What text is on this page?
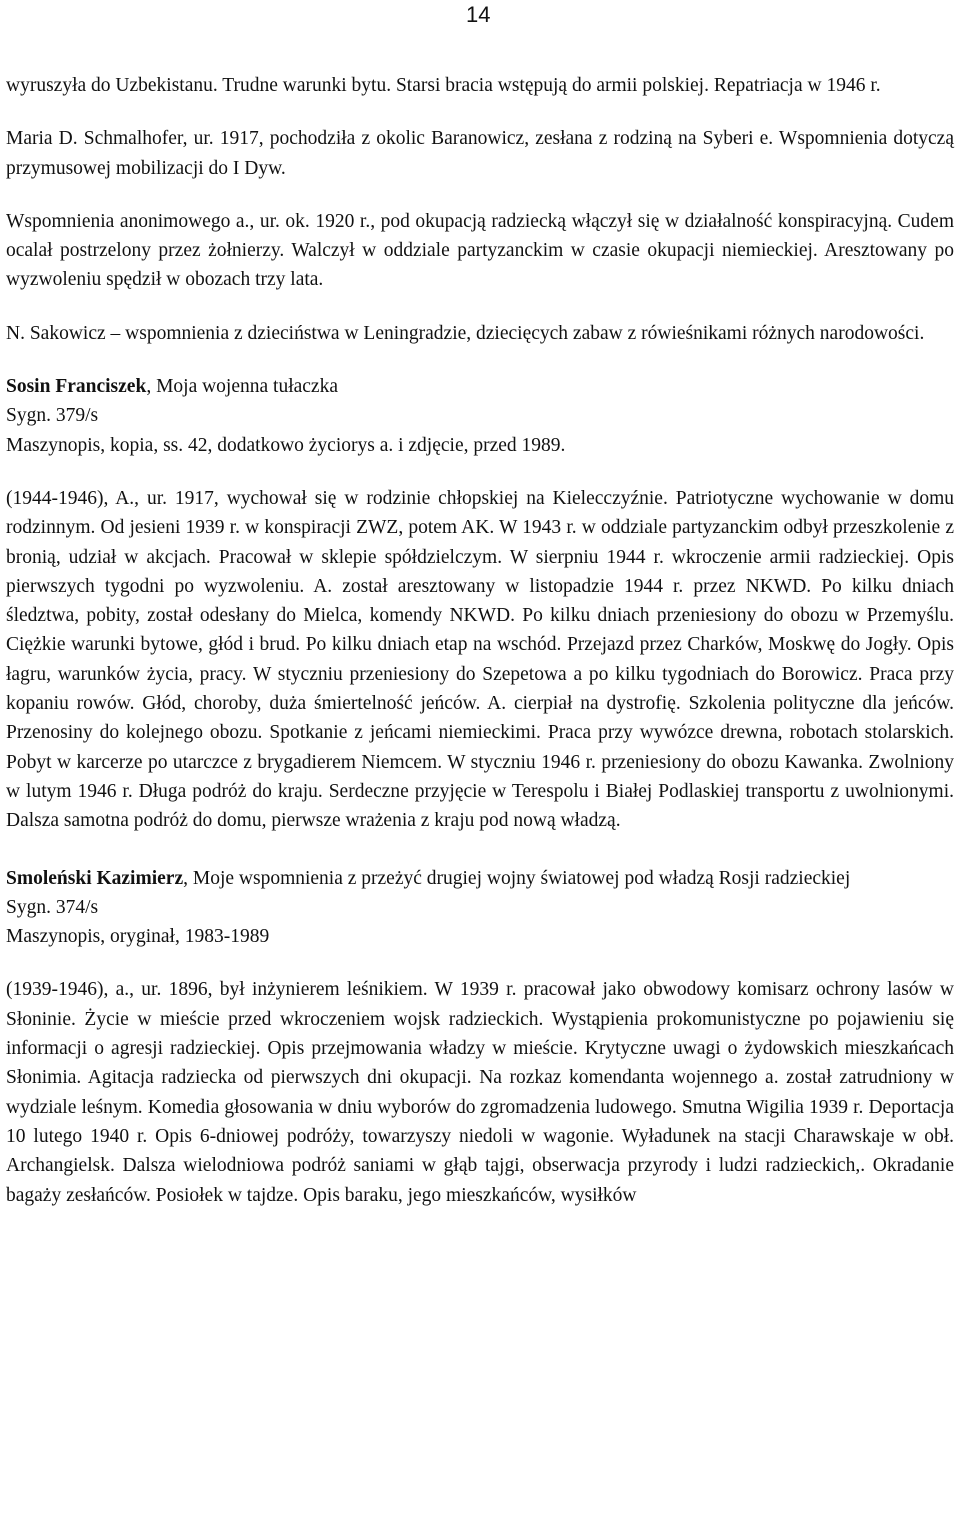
14

wyruszyła do Uzbekistanu. Trudne warunki bytu. Starsi bracia wstępują do armii polskiej. Repatriacja w 1946 r.

Maria D. Schmalhofer, ur. 1917, pochodziła z okolic Baranowicz, zesłana z rodziną na Syberi e. Wspomnienia dotyczą przymusowej mobilizacji do I Dyw.

Wspomnienia anonimowego a., ur. ok. 1920 r., pod okupacją radziecką włączył się w działalność konspiracyjną. Cudem ocalał postrzelony przez żołnierzy. Walczył w oddziale partyzanckim w czasie okupacji niemieckiej. Aresztowany po wyzwoleniu spędził w obozach trzy lata.

N. Sakowicz – wspomnienia z dzieciństwa w Leningradzie, dziecięcych zabaw z rówieśnikami różnych narodowości.

Sosin Franciszek, Moja wojenna tułaczka

Sygn. 379/s

Maszynopis, kopia, ss. 42, dodatkowo życiorys a. i zdjęcie, przed 1989.

(1944-1946), A., ur. 1917, wychował się w rodzinie chłopskiej na Kielecczyźnie. Patriotyczne wychowanie w domu rodzinnym. Od jesieni 1939 r. w konspiracji ZWZ, potem AK. W 1943 r. w oddziale partyzanckim odbył przeszkolenie z bronią, udział w akcjach. Pracował w sklepie spółdzielczym. W sierpniu 1944 r. wkroczenie armii radzieckiej. Opis pierwszych tygodni po wyzwoleniu. A. został aresztowany w listopadzie 1944 r. przez NKWD. Po kilku dniach śledztwa, pobity, został odesłany do Mielca, komendy NKWD. Po kilku dniach przeniesiony do obozu w Przemyślu. Ciężkie warunki bytowe, głód i brud. Po kilku dniach etap na wschód. Przejazd przez Charków, Moskwę do Jogły. Opis łagru, warunków życia, pracy. W styczniu przeniesiony do Szepetowa a po kilku tygodniach do Borowicz. Praca przy kopaniu rowów. Głód, choroby, duża śmiertelność jeńców. A. cierpiał na dystrofię. Szkolenia polityczne dla jeńców. Przenosiny do kolejnego obozu. Spotkanie z jeńcami niemieckimi. Praca przy wywózce drewna, robotach stolarskich. Pobyt w karcerze po utarczce z brygadierem Niemcem. W styczniu 1946 r. przeniesiony do obozu Kawanka. Zwolniony w lutym 1946 r. Długa podróż do kraju. Serdeczne przyjęcie w Terespolu i Białej Podlaskiej transportu z uwolnionymi. Dalsza samotna podróż do domu, pierwsze wrażenia z kraju pod nową władzą.

Smoleński Kazimierz, Moje wspomnienia z przeżyć drugiej wojny światowej pod władzą Rosji radzieckiej

Sygn. 374/s

Maszynopis, oryginał, 1983-1989

(1939-1946), a., ur. 1896, był inżynierem leśnikiem. W 1939 r. pracował jako obwodowy komisarz ochrony lasów w Słoninie. Życie w mieście przed wkroczeniem wojsk radzieckich. Wystąpienia prokomunistyczne po pojawieniu się informacji o agresji radzieckiej. Opis przejmowania władzy w mieście. Krytyczne uwagi o żydowskich mieszkańcach Słonimia. Agitacja radziecka od pierwszych dni okupacji. Na rozkaz komendanta wojennego a. został zatrudniony w wydziale leśnym. Komedia głosowania w dniu wyborów do zgromadzenia ludowego. Smutna Wigilia 1939 r. Deportacja 10 lutego 1940 r. Opis 6-dniowej podróży, towarzyszy niedoli w wagonie. Wyładunek na stacji Charawskaje w obł. Archangielsk. Dalsza wielodniowa podróż saniami w głąb tajgi, obserwacja przyrody i ludzi radzieckich,. Okradanie bagaży zesłańców. Posiołek w tajdze. Opis baraku, jego mieszkańców, wysiłków
